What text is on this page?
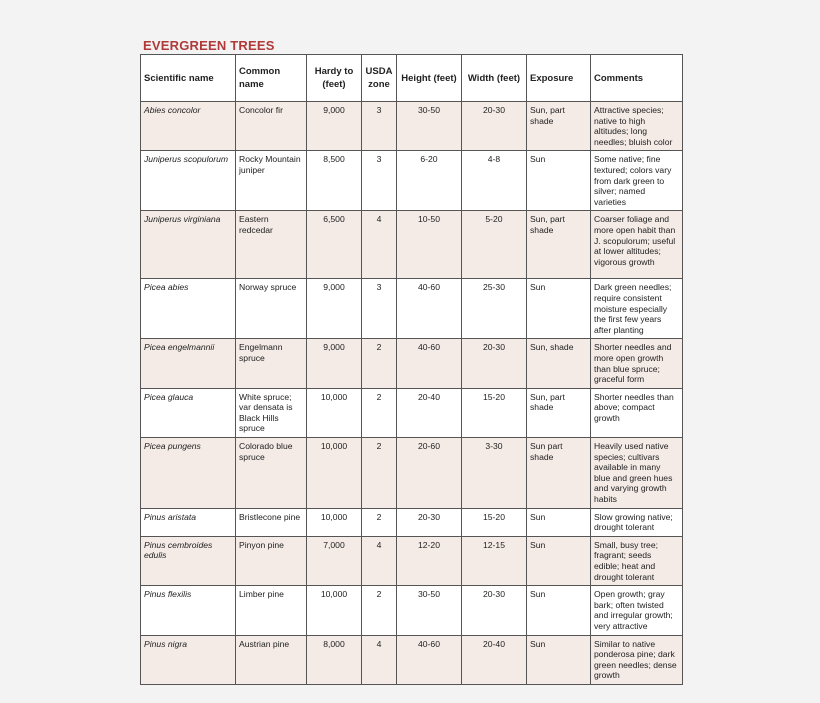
EVERGREEN TREES
Scientific name	Common name	Hardy to (feet)	USDA zone	Height (feet)	Width (feet)	Exposure	Comments
Abies concolor	Concolor fir	9,000	3	30-50	20-30	Sun, part shade	Attractive species; native to high altitudes; long needles; bluish color
Juniperus scopulorum	Rocky Mountain juniper	8,500	3	6-20	4-8	Sun	Some native; fine textured; colors vary from dark green to silver; named varieties
Juniperus virginiana	Eastern redcedar	6,500	4	10-50	5-20	Sun, part shade	Coarser foliage and more open habit than J. scopulorum; useful at lower altitudes; vigorous growth
Picea abies	Norway spruce	9,000	3	40-60	25-30	Sun	Dark green needles; require consistent moisture especially the first few years after planting
Picea engelmannii	Engelmann spruce	9,000	2	40-60	20-30	Sun, shade	Shorter needles and more open growth than blue spruce; graceful form
Picea glauca	White spruce; var densata is Black Hills spruce	10,000	2	20-40	15-20	Sun, part shade	Shorter needles than above; compact growth
Picea pungens	Colorado blue spruce	10,000	2	20-60	3-30	Sun part shade	Heavily used native species; cultivars available in many blue and green hues and varying growth habits
Pinus aristata	Bristlecone pine	10,000	2	20-30	15-20	Sun	Slow growing native; drought tolerant
Pinus cembroides edulis	Pinyon pine	7,000	4	12-20	12-15	Sun	Small, busy tree; fragrant; seeds edible; heat and drought tolerant
Pinus flexilis	Limber pine	10,000	2	30-50	20-30	Sun	Open growth; gray bark; often twisted and irregular growth; very attractive
Pinus nigra	Austrian pine	8,000	4	40-60	20-40	Sun	Similar to native ponderosa pine; dark green needles; dense growth
